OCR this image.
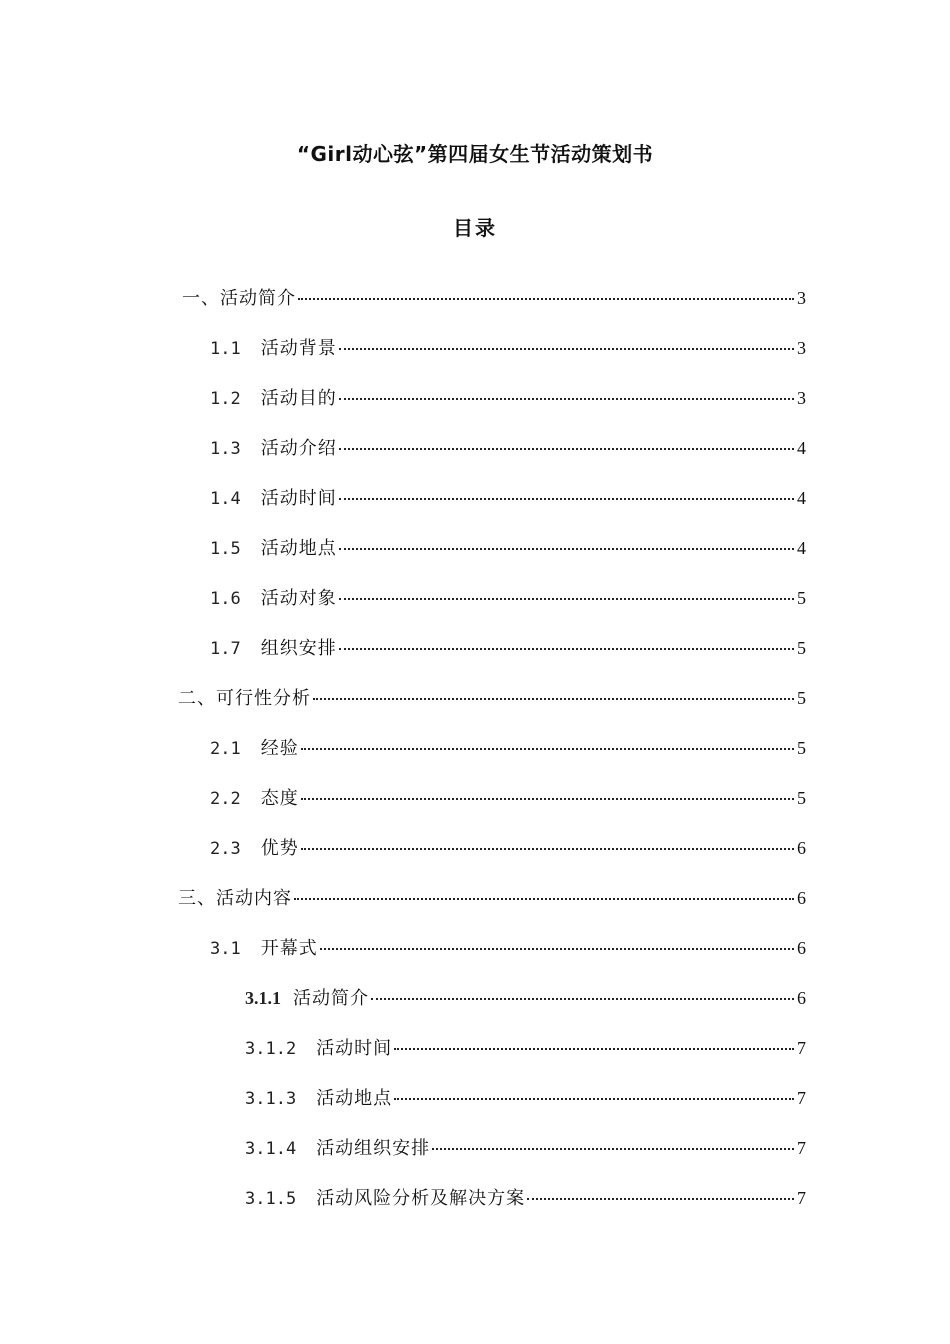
“Girl动心弦”第四届女生节活动策划书
目录
一、活动简介	3
1.1 活动背景	3
1.2 活动目的	3
1.3 活动介绍	4
1.4 活动时间	4
1.5 活动地点	4
1.6 活动对象	5
1.7 组织安排	5
二、可行性分析	5
2.1 经验	5
2.2 态度	5
2.3 优势	6
三、活动内容	6
3.1 开幕式	6
3.1.1 活动简介	6
3.1.2 活动时间	7
3.1.3 活动地点	7
3.1.4 活动组织安排	7
3.1.5 活动风险分析及解决方案	7
